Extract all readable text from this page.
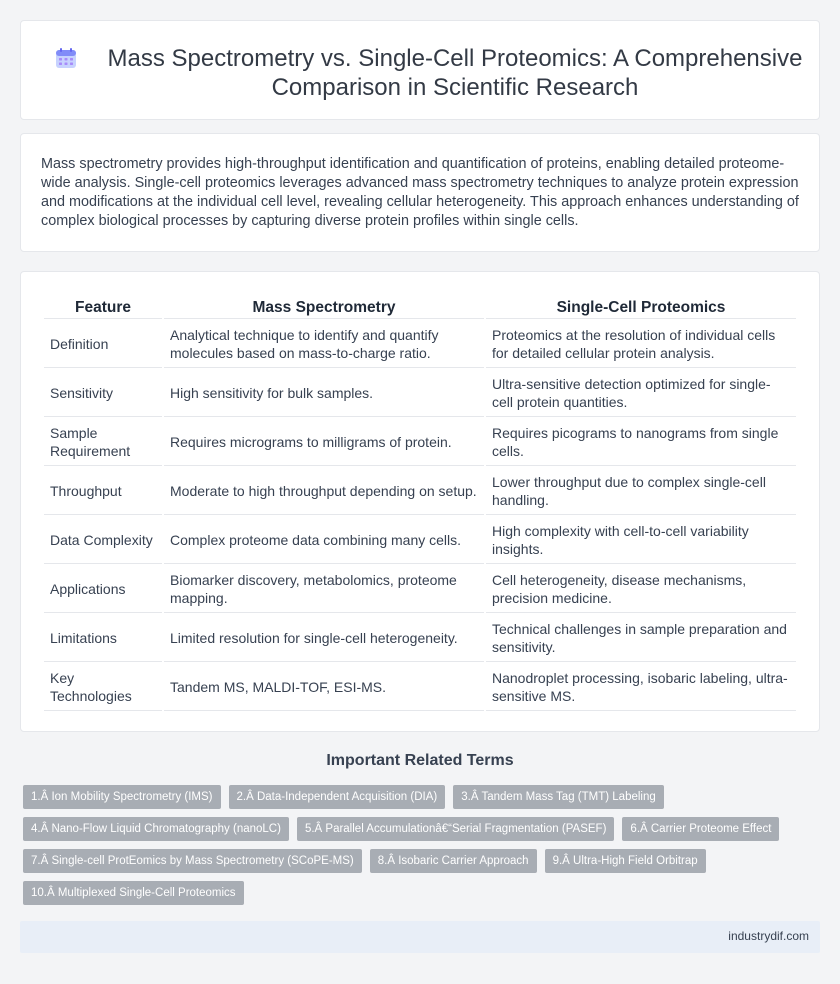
Mass Spectrometry vs. Single-Cell Proteomics: A Comprehensive Comparison in Scientific Research

Mass spectrometry provides high-throughput identification and quantification of proteins, enabling detailed proteome-wide analysis. Single-cell proteomics leverages advanced mass spectrometry techniques to analyze protein expression and modifications at the individual cell level, revealing cellular heterogeneity. This approach enhances understanding of complex biological processes by capturing diverse protein profiles within single cells.

Feature	Mass Spectrometry	Single-Cell Proteomics
Definition	Analytical technique to identify and quantify molecules based on mass-to-charge ratio.	Proteomics at the resolution of individual cells for detailed cellular protein analysis.
Sensitivity	High sensitivity for bulk samples.	Ultra-sensitive detection optimized for single-cell protein quantities.
Sample Requirement	Requires micrograms to milligrams of protein.	Requires picograms to nanograms from single cells.
Throughput	Moderate to high throughput depending on setup.	Lower throughput due to complex single-cell handling.
Data Complexity	Complex proteome data combining many cells.	High complexity with cell-to-cell variability insights.
Applications	Biomarker discovery, metabolomics, proteome mapping.	Cell heterogeneity, disease mechanisms, precision medicine.
Limitations	Limited resolution for single-cell heterogeneity.	Technical challenges in sample preparation and sensitivity.
Key Technologies	Tandem MS, MALDI-TOF, ESI-MS.	Nanodroplet processing, isobaric labeling, ultra-sensitive MS.
Important Related Terms
1.Â Ion Mobility Spectrometry (IMS)	2.Â Data-Independent Acquisition (DIA)	3.Â Tandem Mass Tag (TMT) Labeling
4.Â Nano-Flow Liquid Chromatography (nanoLC)	5.Â Parallel Accumulationâ€“Serial Fragmentation (PASEF)	6.Â Carrier Proteome Effect
7.Â Single-cell ProtEomics by Mass Spectrometry (SCoPE-MS)	8.Â Isobaric Carrier Approach	9.Â Ultra-High Field Orbitrap
10.Â Multiplexed Single-Cell Proteomics
industrydif.com
